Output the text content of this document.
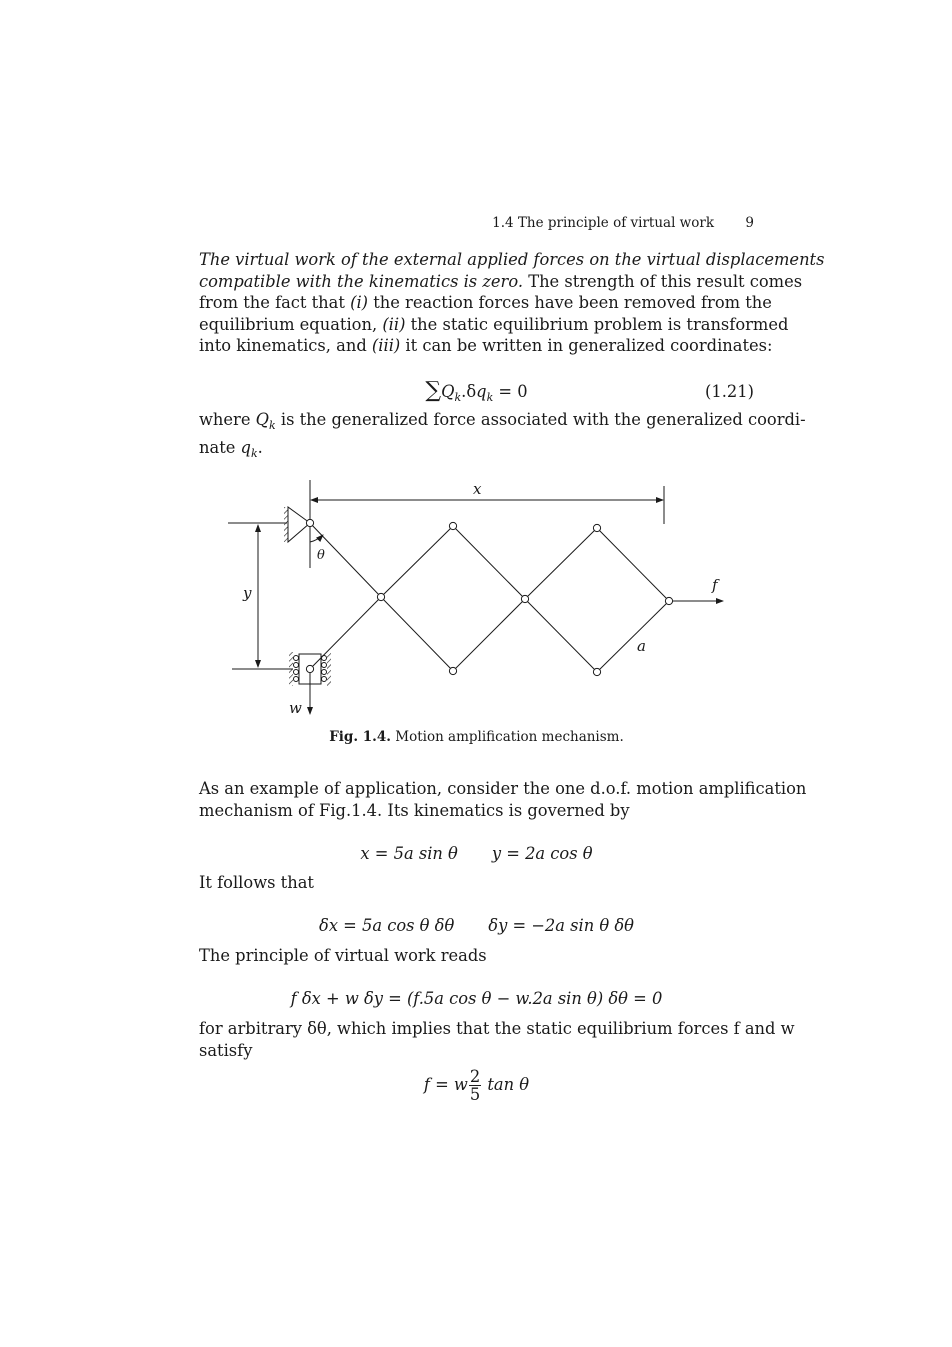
1.4 The principle of virtual work 9
The virtual work of the external applied forces on the virtual displacements
compatible with the kinematics is zero. The strength of this result comes
from the fact that (i) the reaction forces have been removed from the
equilibrium equation, (ii) the static equilibrium problem is transformed
into kinematics, and (iii) it can be written in generalized coordinates:
$\sum Q_k.\delta q_k = 0$	(1.21)
where $Q_k$ is the generalized force associated with the generalized coordi-
nate $q_k$.
Fig. 1.4. Motion amplification mechanism.
As an example of application, consider the one d.o.f. motion amplification
mechanism of Fig.1.4. Its kinematics is governed by
x = 5a sin θ y = 2a cos θ
It follows that
δx = 5a cos θ δθ δy = −2a sin θ δθ
The principle of virtual work reads
f δx + w δy = (f.5a cos θ − w.2a sin θ) δθ = 0
for arbitrary δθ, which implies that the static equilibrium forces f and w
satisfy
f = w $\frac{2}{5}$ tan θ
x
y
θ
f
a
w
